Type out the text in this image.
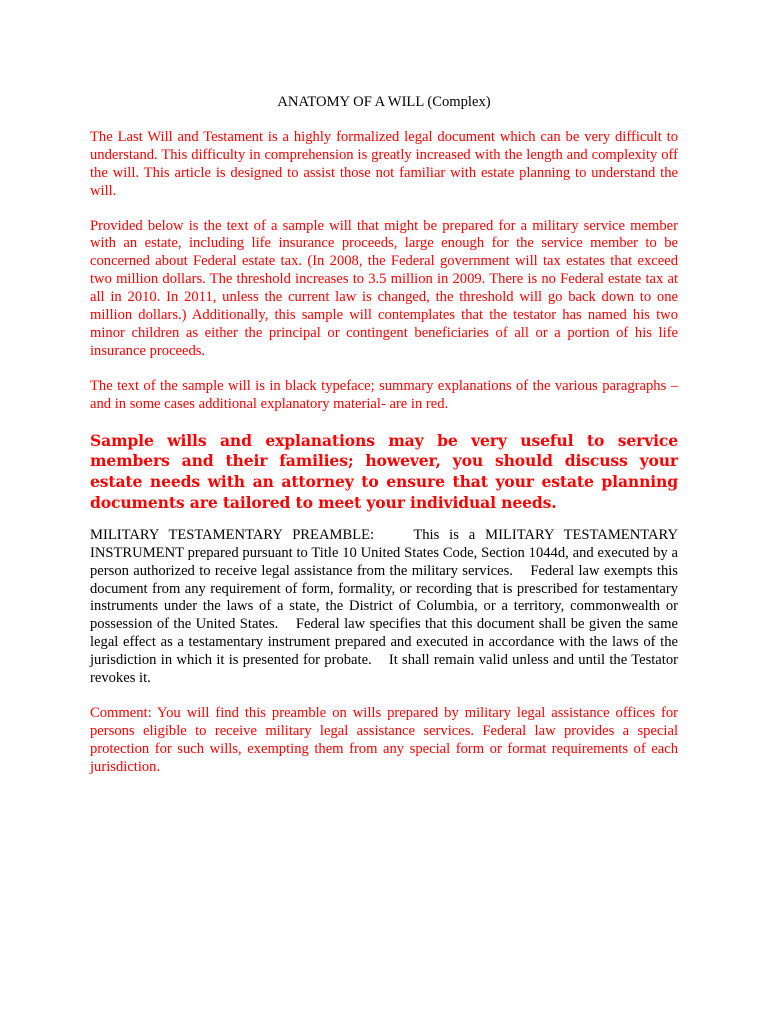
ANATOMY OF A WILL (Complex)

The Last Will and Testament is a highly formalized legal document which can be very difficult to understand. This difficulty in comprehension is greatly increased with the length and complexity off the will. This article is designed to assist those not familiar with estate planning to understand the will.

Provided below is the text of a sample will that might be prepared for a military service member with an estate, including life insurance proceeds, large enough for the service member to be concerned about Federal estate tax. (In 2008, the Federal government will tax estates that exceed two million dollars. The threshold increases to 3.5 million in 2009. There is no Federal estate tax at all in 2010. In 2011, unless the current law is changed, the threshold will go back down to one million dollars.) Additionally, this sample will contemplates that the testator has named his two minor children as either the principal or contingent beneficiaries of all or a portion of his life insurance proceeds.

The text of the sample will is in black typeface; summary explanations of the various paragraphs –and in some cases additional explanatory material- are in red.

Sample wills and explanations may be very useful to service members and their families; however, you should discuss your estate needs with an attorney to ensure that your estate planning documents are tailored to meet your individual needs.

MILITARY TESTAMENTARY PREAMBLE:    This is a MILITARY TESTAMENTARY INSTRUMENT prepared pursuant to Title 10 United States Code, Section 1044d, and executed by a person authorized to receive legal assistance from the military services.    Federal law exempts this document from any requirement of form, formality, or recording that is prescribed for testamentary instruments under the laws of a state, the District of Columbia, or a territory, commonwealth or possession of the United States.    Federal law specifies that this document shall be given the same legal effect as a testamentary instrument prepared and executed in accordance with the laws of the jurisdiction in which it is presented for probate.    It shall remain valid unless and until the Testator revokes it.

Comment: You will find this preamble on wills prepared by military legal assistance offices for persons eligible to receive military legal assistance services. Federal law provides a special protection for such wills, exempting them from any special form or format requirements of each jurisdiction.
